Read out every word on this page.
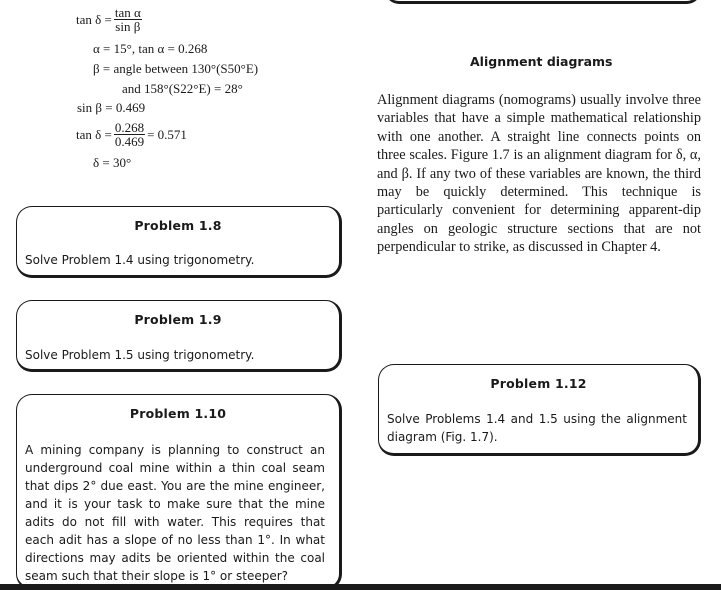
$\tan \delta = \frac{\text{tan α}}{\text{sin β}}$
α = 15°, tan α = 0.268
β = angle between 130°(S50°E)
and 158°(S22°E) = 28°
sin β = 0.469
$\tan \delta = \frac{0.268}{0.469} = 0.571$
δ = 30°
Problem 1.8
Solve Problem 1.4 using trigonometry.
Problem 1.9
Solve Problem 1.5 using trigonometry.
Problem 1.10
A mining company is planning to construct an underground coal mine within a thin coal seam that dips 2° due east. You are the mine engineer, and it is your task to make sure that the mine adits do not fill with water. This requires that each adit has a slope of no less than 1°. In what directions may adits be oriented within the coal seam such that their slope is 1° or steeper?
Alignment diagrams
Alignment diagrams (nomograms) usually involve three variables that have a simple mathematical relationship with one another. A straight line connects points on three scales. Figure 1.7 is an alignment diagram for δ, α, and β. If any two of these variables are known, the third may be quickly determined. This technique is particularly convenient for determining apparent-dip angles on geologic structure sections that are not perpendicular to strike, as discussed in Chapter 4.
Problem 1.12
Solve Problems 1.4 and 1.5 using the alignment diagram (Fig. 1.7).
